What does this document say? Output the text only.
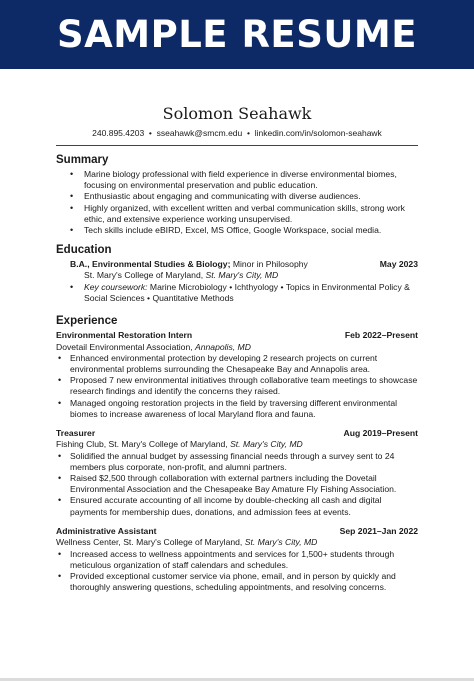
SAMPLE RESUME
Solomon Seahawk
240.895.4203 • sseahawk@smcm.edu • linkedin.com/in/solomon-seahawk
Summary
• Marine biology professional with field experience in diverse environmental biomes, focusing on environmental preservation and public education.
• Enthusiastic about engaging and communicating with diverse audiences.
• Highly organized, with excellent written and verbal communication skills, strong work ethic, and extensive experience working unsupervised.
• Tech skills include eBIRD, Excel, MS Office, Google Workspace, social media.
Education
B.A., Environmental Studies & Biology; Minor in Philosophy	May 2023
St. Mary's College of Maryland, St. Mary's City, MD
• Key coursework: Marine Microbiology • Ichthyology • Topics in Environmental Policy & Social Sciences • Quantitative Methods
Experience
Environmental Restoration Intern	Feb 2022–Present
Dovetail Environmental Association, Annapolis, MD
• Enhanced environmental protection by developing 2 research projects on current environmental problems surrounding the Chesapeake Bay and Annapolis area.
• Proposed 7 new environmental initiatives through collaborative team meetings to showcase research findings and identify the concerns they raised.
• Managed ongoing restoration projects in the field by traversing different environmental biomes to increase awareness of local Maryland flora and fauna.
Treasurer	Aug 2019–Present
Fishing Club, St. Mary's College of Maryland, St. Mary's City, MD
• Solidified the annual budget by assessing financial needs through a survey sent to 24 members plus corporate, non-profit, and alumni partners.
• Raised $2,500 through collaboration with external partners including the Dovetail Environmental Association and the Chesapeake Bay Amature Fly Fishing Association.
• Ensured accurate accounting of all income by double-checking all cash and digital payments for membership dues, donations, and admission fees at events.
Administrative Assistant	Sep 2021–Jan 2022
Wellness Center, St. Mary's College of Maryland, St. Mary's City, MD
• Increased access to wellness appointments and services for 1,500+ students through meticulous organization of staff calendars and schedules.
• Provided exceptional customer service via phone, email, and in person by quickly and thoroughly answering questions, scheduling appointments, and resolving concerns.
